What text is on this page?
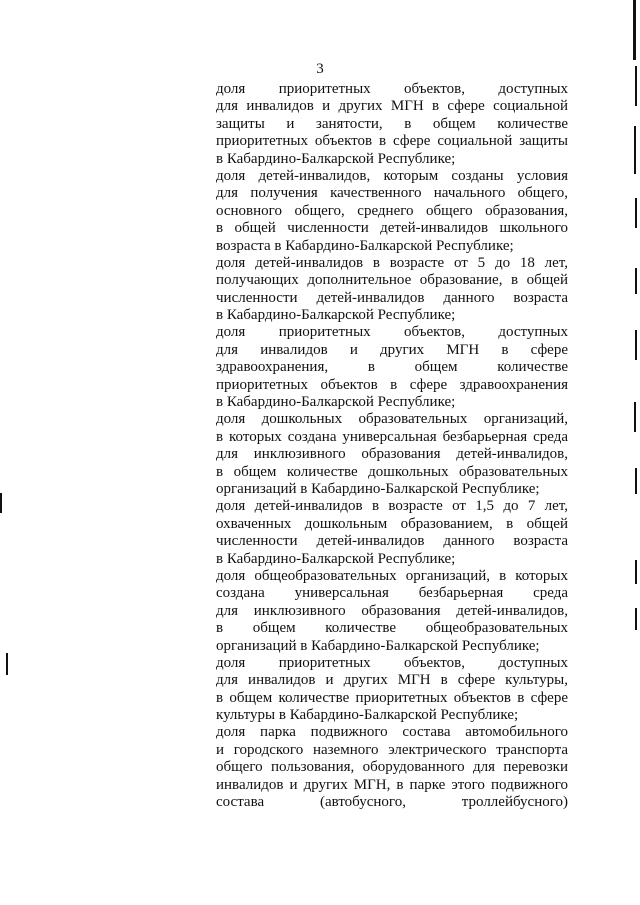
3
доля приоритетных объектов, доступных
для инвалидов и других МГН в сфере социальной
защиты и занятости, в общем количестве
приоритетных объектов в сфере социальной защиты
в Кабардино-Балкарской Республике;
доля детей-инвалидов, которым созданы условия
для получения качественного начального общего,
основного общего, среднего общего образования,
в общей численности детей-инвалидов школьного
возраста в Кабардино-Балкарской Республике;
доля детей-инвалидов в возрасте от 5 до 18 лет,
получающих дополнительное образование, в общей
численности детей-инвалидов данного возраста
в Кабардино-Балкарской Республике;
доля приоритетных объектов, доступных
для инвалидов и других МГН в сфере
здравоохранения, в общем количестве
приоритетных объектов в сфере здравоохранения
в Кабардино-Балкарской Республике;
доля дошкольных образовательных организаций,
в которых создана универсальная безбарьерная среда
для инклюзивного образования детей-инвалидов,
в общем количестве дошкольных образовательных
организаций в Кабардино-Балкарской Республике;
доля детей-инвалидов в возрасте от 1,5 до 7 лет,
охваченных дошкольным образованием, в общей
численности детей-инвалидов данного возраста
в Кабардино-Балкарской Республике;
доля общеобразовательных организаций, в которых
создана универсальная безбарьерная среда
для инклюзивного образования детей-инвалидов,
в общем количестве общеобразовательных
организаций в Кабардино-Балкарской Республике;
доля приоритетных объектов, доступных
для инвалидов и других МГН в сфере культуры,
в общем количестве приоритетных объектов в сфере
культуры в Кабардино-Балкарской Республике;
доля парка подвижного состава автомобильного
и городского наземного электрического транспорта
общего пользования, оборудованного для перевозки
инвалидов и других МГН, в парке этого подвижного
состава (автобусного, троллейбусного)
